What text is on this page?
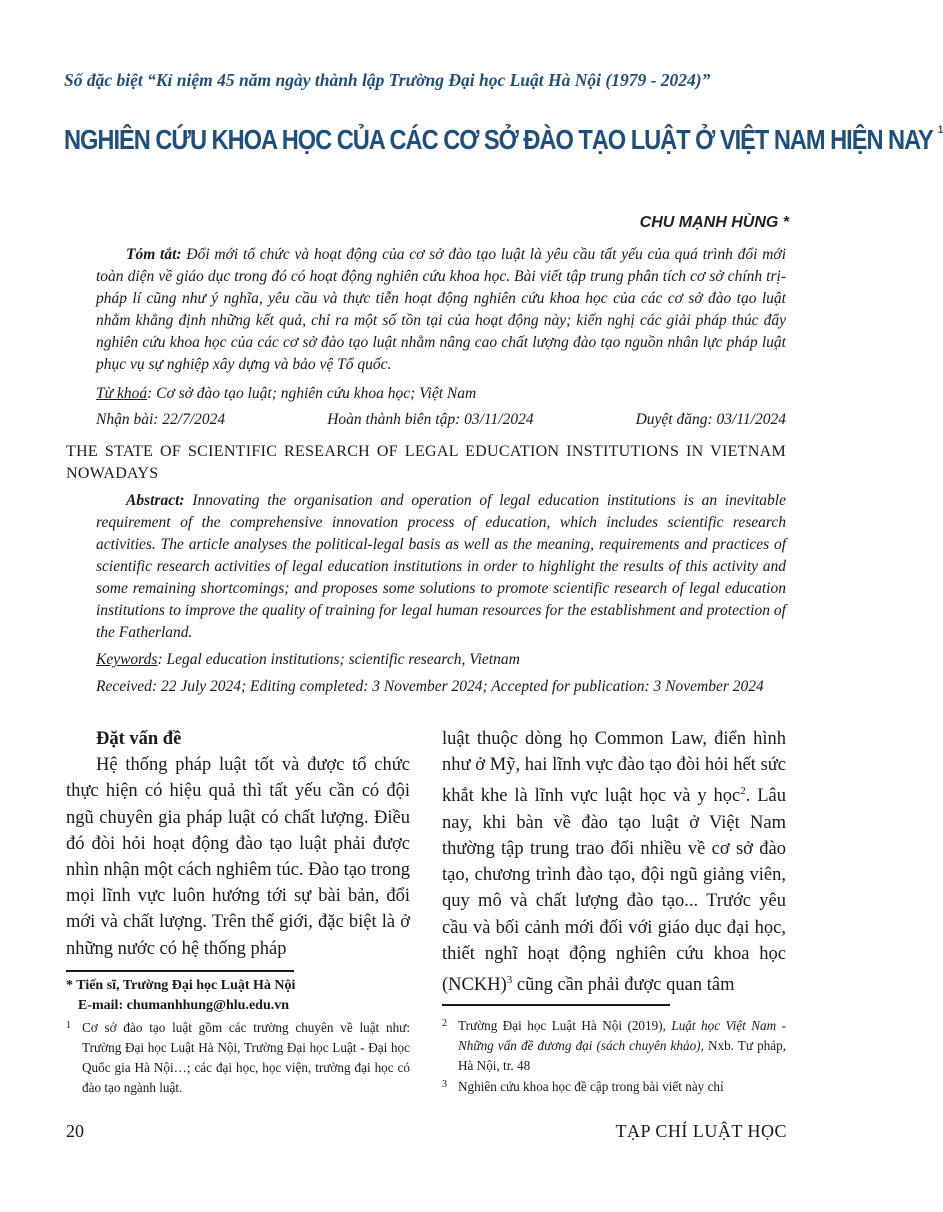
Số đặc biệt “Kỉ niệm 45 năm ngày thành lập Trường Đại học Luật Hà Nội (1979 - 2024)”
NGHIÊN CỨU KHOA HỌC CỦA CÁC CƠ SỞ ĐÀO TẠO LUẬT Ở VIỆT NAM HIỆN NAY $^1$
CHU MẠNH HÙNG *
Tóm tắt: Đổi mới tổ chức và hoạt động của cơ sở đào tạo luật là yêu cầu tất yếu của quá trình đổi mới toàn diện về giáo dục trong đó có hoạt động nghiên cứu khoa học. Bài viết tập trung phân tích cơ sở chính trị-pháp lí cũng như ý nghĩa, yêu cầu và thực tiễn hoạt động nghiên cứu khoa học của các cơ sở đào tạo luật nhằm khẳng định những kết quả, chỉ ra một số tồn tại của hoạt động này; kiến nghị các giải pháp thúc đẩy nghiên cứu khoa học của các cơ sở đào tạo luật nhằm nâng cao chất lượng đào tạo nguồn nhân lực pháp luật phục vụ sự nghiệp xây dựng và bảo vệ Tổ quốc.
Từ khoá: Cơ sở đào tạo luật; nghiên cứu khoa học; Việt Nam
Nhận bài: 22/7/2024	Hoàn thành biên tập: 03/11/2024	Duyệt đăng: 03/11/2024
THE STATE OF SCIENTIFIC RESEARCH OF LEGAL EDUCATION INSTITUTIONS IN VIETNAM NOWADAYS
Abstract: Innovating the organisation and operation of legal education institutions is an inevitable requirement of the comprehensive innovation process of education, which includes scientific research activities. The article analyses the political-legal basis as well as the meaning, requirements and practices of scientific research activities of legal education institutions in order to highlight the results of this activity and some remaining shortcomings; and proposes some solutions to promote scientific research of legal education institutions to improve the quality of training for legal human resources for the establishment and protection of the Fatherland.
Keywords: Legal education institutions; scientific research, Vietnam
Received: 22 July 2024; Editing completed: 3 November 2024; Accepted for publication: 3 November 2024
Đặt vấn đề
Hệ thống pháp luật tốt và được tổ chức thực hiện có hiệu quả thì tất yếu cần có đội ngũ chuyên gia pháp luật có chất lượng. Điều đó đòi hỏi hoạt động đào tạo luật phải được nhìn nhận một cách nghiêm túc. Đào tạo trong mọi lĩnh vực luôn hướng tới sự bài bản, đổi mới và chất lượng. Trên thế giới, đặc biệt là ở những nước có hệ thống pháp
luật thuộc dòng họ Common Law, điển hình như ở Mỹ, hai lĩnh vực đào tạo đòi hỏi hết sức khắt khe là lĩnh vực luật học và y học$^2$. Lâu nay, khi bàn về đào tạo luật ở Việt Nam thường tập trung trao đổi nhiều về cơ sở đào tạo, chương trình đào tạo, đội ngũ giảng viên, quy mô và chất lượng đào tạo... Trước yêu cầu và bối cảnh mới đối với giáo dục đại học, thiết nghĩ hoạt động nghiên cứu khoa học (NCKH)$^3$ cũng cần phải được quan tâm
* Tiến sĩ, Trường Đại học Luật Hà Nội
E-mail: chumanhhung@hlu.edu.vn
1 Cơ sở đào tạo luật gồm các trường chuyên về luật như: Trường Đại học Luật Hà Nội, Trường Đại học Luật - Đại học Quốc gia Hà Nội…; các đại học, học viện, trường đại học có đào tạo ngành luật.
2 Trường Đại học Luật Hà Nội (2019), Luật học Việt Nam - Những vấn đề đương đại (sách chuyên khảo), Nxb. Tư pháp, Hà Nội, tr. 48
3 Nghiên cứu khoa học đề cập trong bài viết này chỉ
20	TẠP CHÍ LUẬT HỌC
